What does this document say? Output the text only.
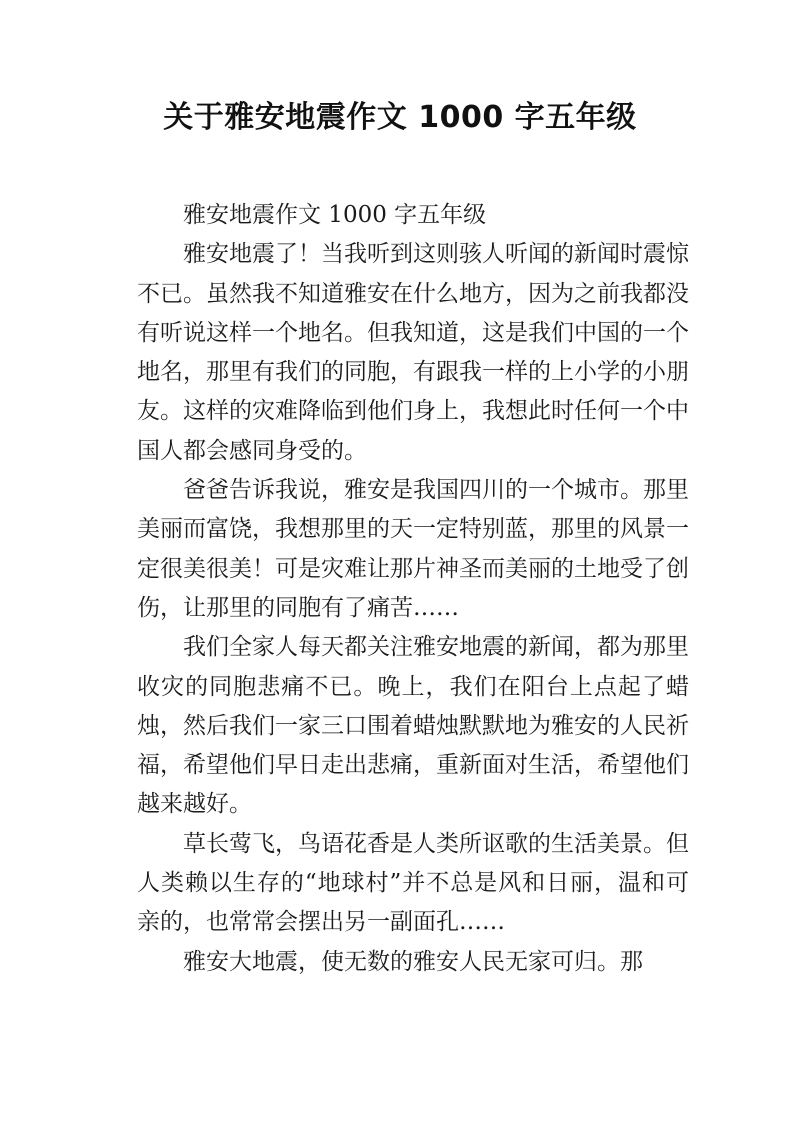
关于雅安地震作文 1000 字五年级

雅安地震作文 1000 字五年级

雅安地震了！当我听到这则骇人听闻的新闻时震惊不已。虽然我不知道雅安在什么地方，因为之前我都没有听说这样一个地名。但我知道，这是我们中国的一个地名，那里有我们的同胞，有跟我一样的上小学的小朋友。这样的灾难降临到他们身上，我想此时任何一个中国人都会感同身受的。

爸爸告诉我说，雅安是我国四川的一个城市。那里美丽而富饶，我想那里的天一定特别蓝，那里的风景一定很美很美！可是灾难让那片神圣而美丽的土地受了创伤，让那里的同胞有了痛苦……

我们全家人每天都关注雅安地震的新闻，都为那里收灾的同胞悲痛不已。晚上，我们在阳台上点起了蜡烛，然后我们一家三口围着蜡烛默默地为雅安的人民祈福，希望他们早日走出悲痛，重新面对生活，希望他们越来越好。

草长莺飞，鸟语花香是人类所讴歌的生活美景。但人类赖以生存的“地球村”并不总是风和日丽，温和可亲的，也常常会摆出另一副面孔……

雅安大地震，使无数的雅安人民无家可归。那
